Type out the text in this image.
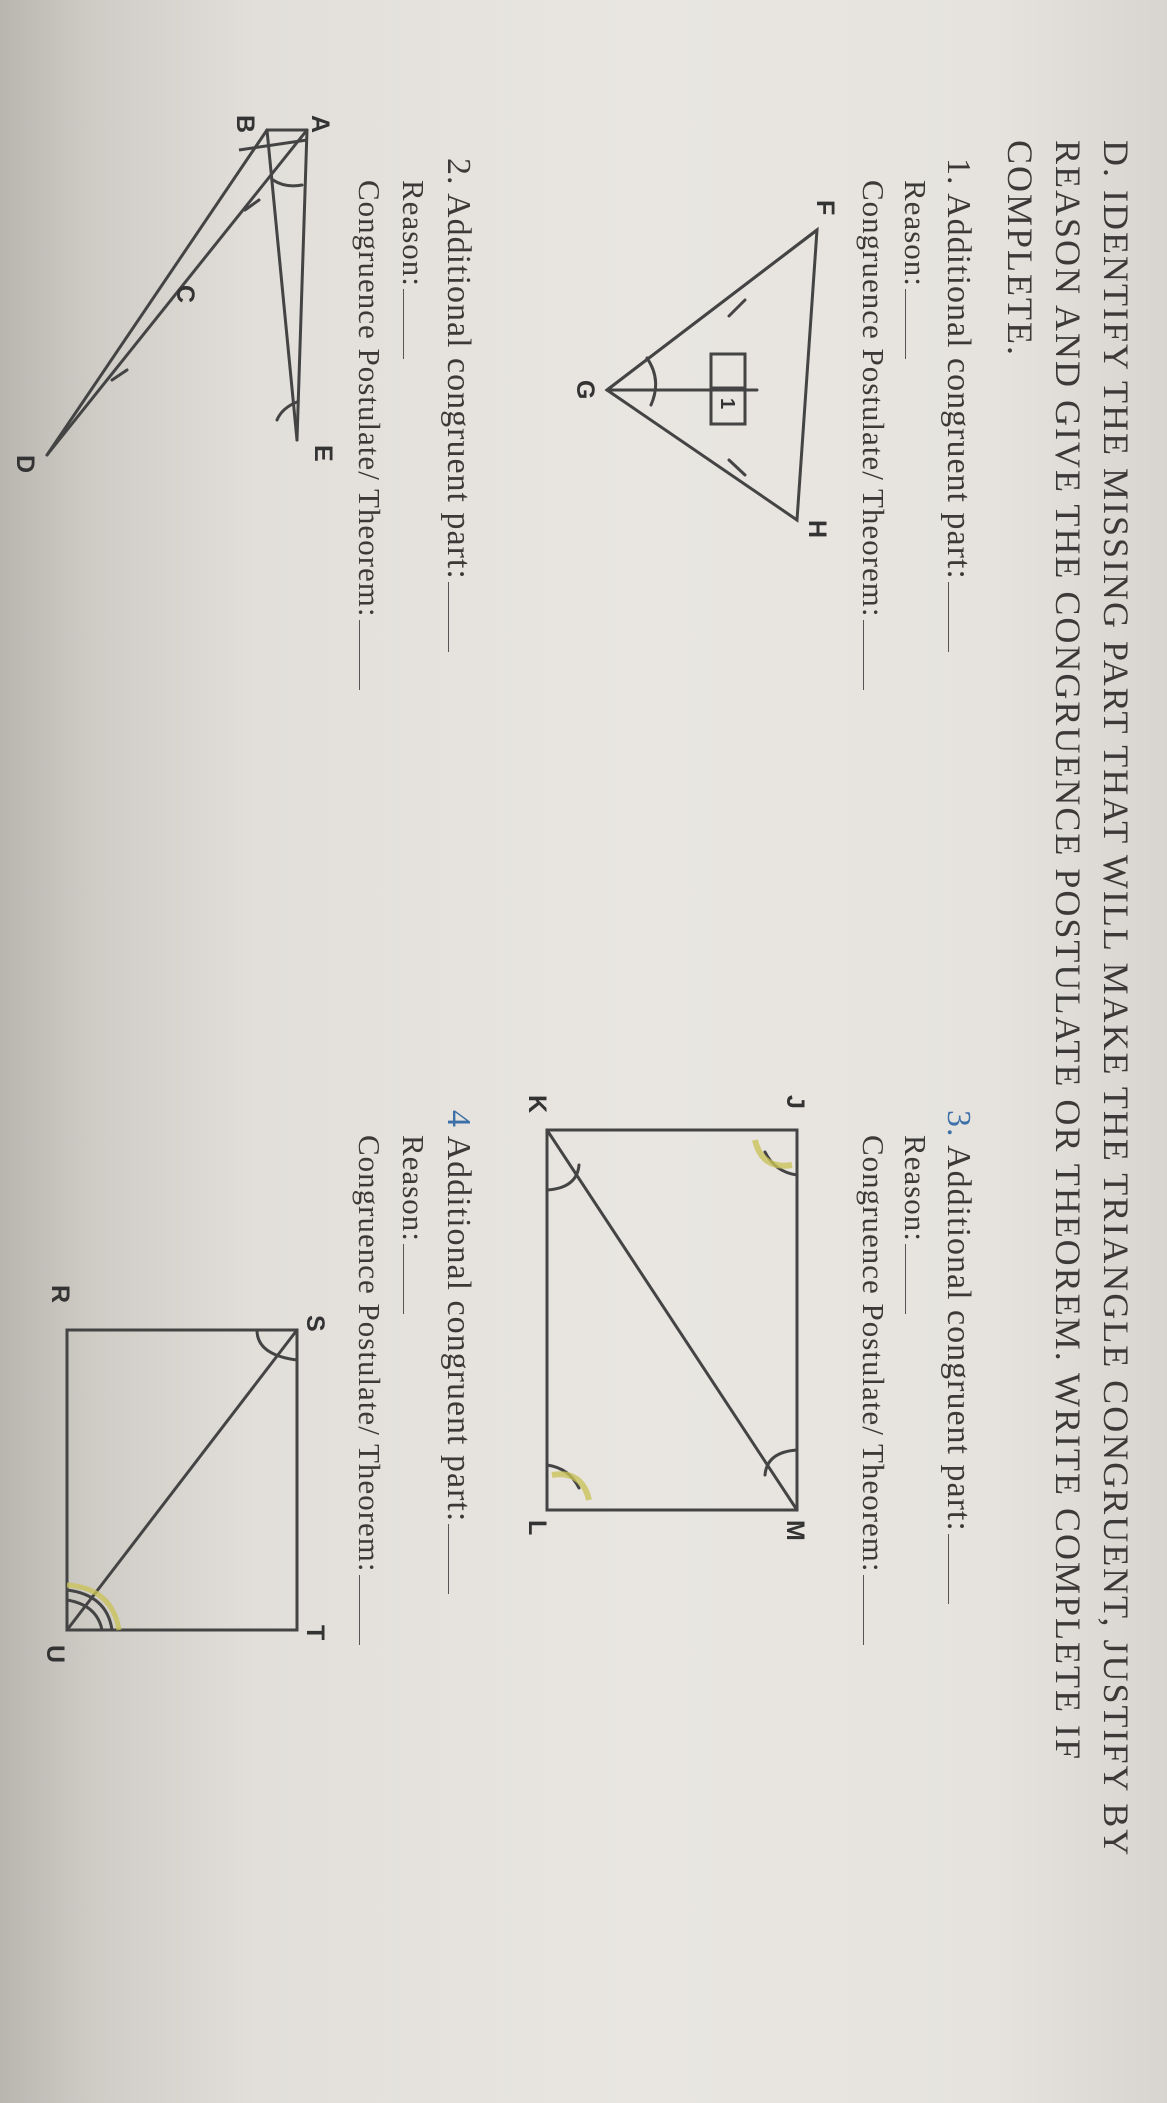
D. IDENTIFY THE MISSING PART THAT WILL MAKE THE TRIANGLE CONGRUENT, JUSTIFY BY
REASON AND GIVE THE CONGRUENCE POSTULATE OR THEOREM. WRITE COMPLETE IF
COMPLETE.
1. Additional congruent part:
Reason:
Congruence Postulate/ Theorem:
F
H
G
1
2. Additional congruent part:
Reason:
Congruence Postulate/ Theorem:
A
B
C
E
D
3. Additional congruent part:
Reason:
Congruence Postulate/ Theorem:
J
K
L	M
4 Additional congruent part:
Reason:
Congruence Postulate/ Theorem:
S
R
T
U
